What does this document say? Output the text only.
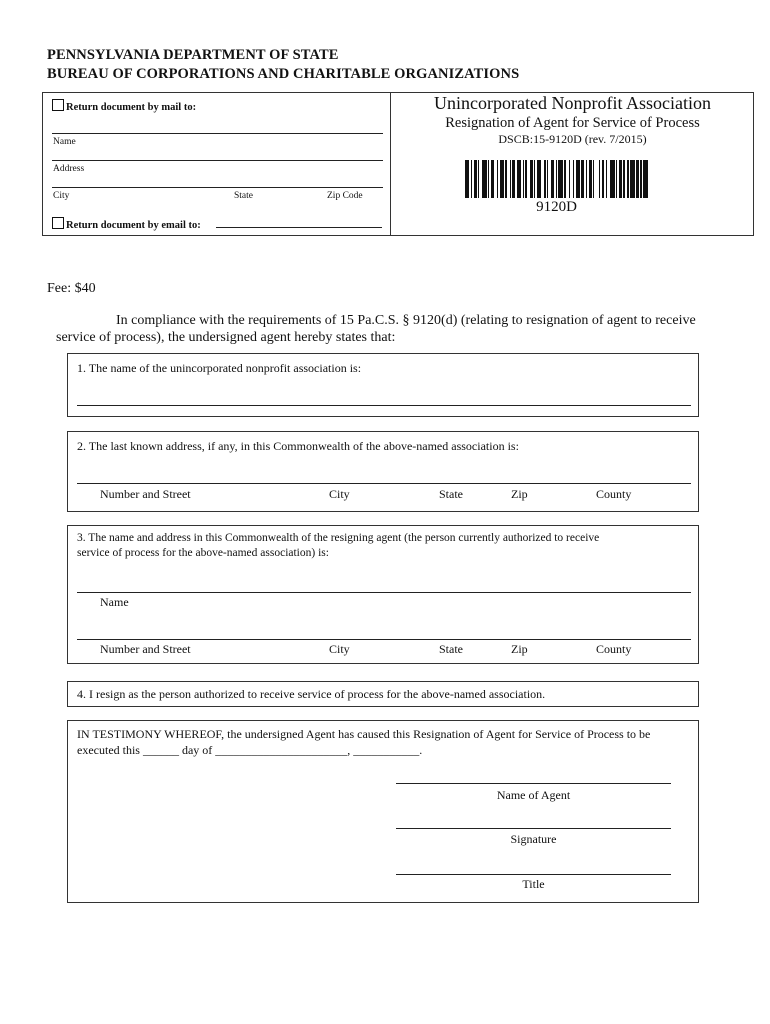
PENNSYLVANIA DEPARTMENT OF STATE
BUREAU OF CORPORATIONS AND CHARITABLE ORGANIZATIONS
Return document by mail to:
Name
Address
City	State	Zip Code
Return document by email to:
Unincorporated Nonprofit Association
Resignation of Agent for Service of Process
DSCB:15-9120D (rev. 7/2015)
9120D
Fee: $40
In compliance with the requirements of 15 Pa.C.S. § 9120(d) (relating to resignation of agent to receive
service of process), the undersigned agent hereby states that:
1. The name of the unincorporated nonprofit association is:
2. The last known address, if any, in this Commonwealth of the above-named association is:
Number and Street	City	State	Zip	County
3. The name and address in this Commonwealth of the resigning agent (the person currently authorized to receive
service of process for the above-named association) is:
Name
Number and Street	City	State	Zip	County
4. I resign as the person authorized to receive service of process for the above-named association.
IN TESTIMONY WHEREOF, the undersigned Agent has caused this Resignation of Agent for Service of Process to be
executed this ______ day of ______________________, ___________.
Name of Agent
Signature
Title
